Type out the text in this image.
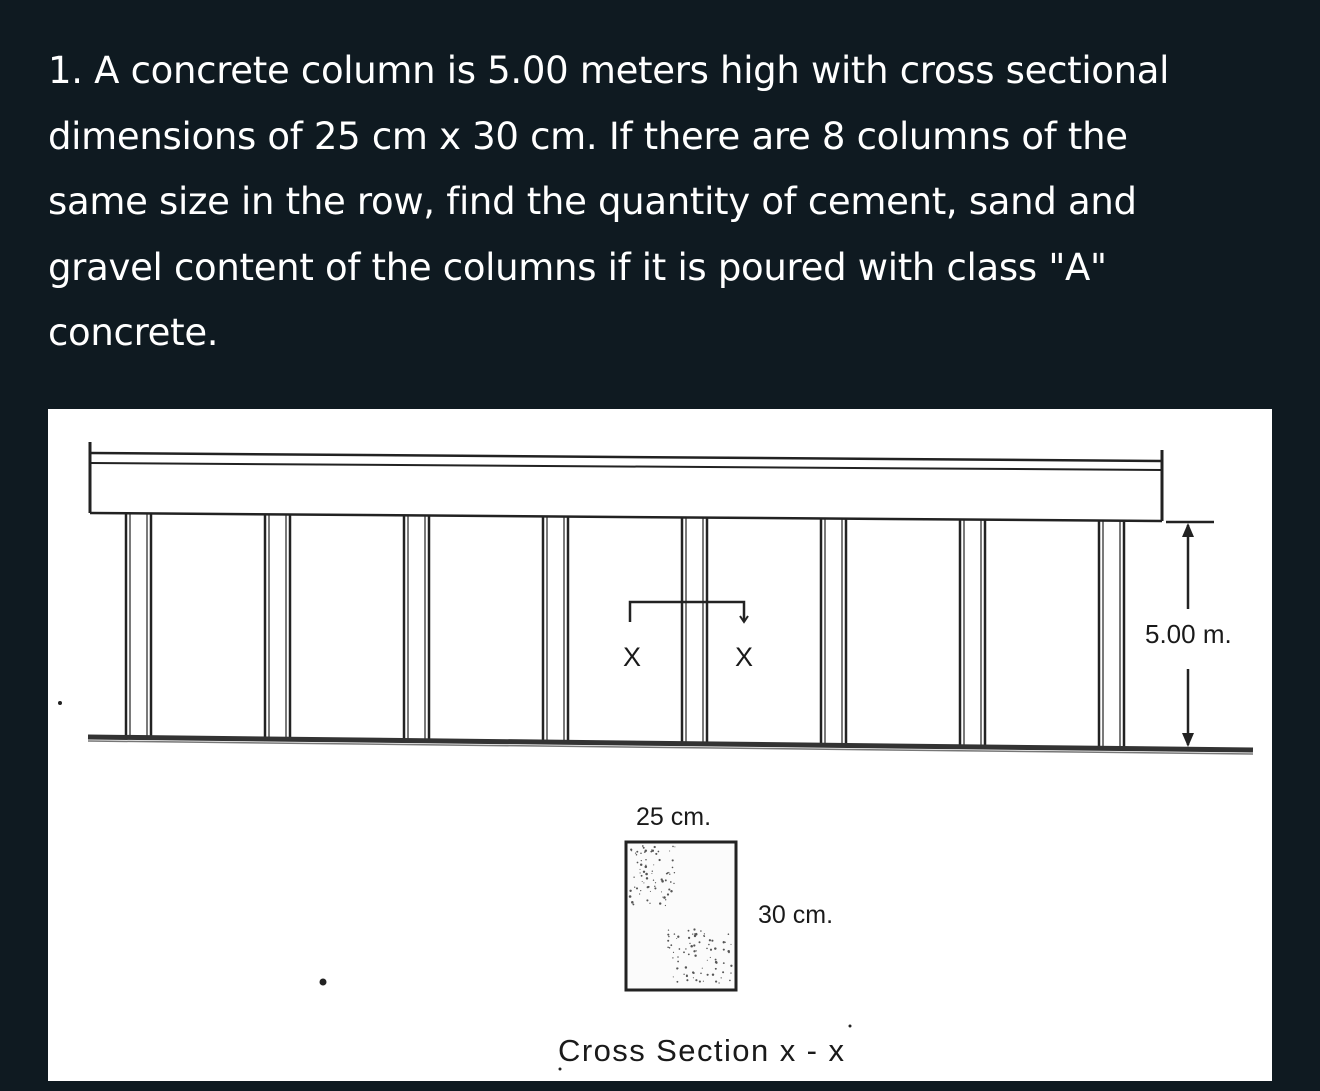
1. A concrete column is 5.00 meters high with cross sectional
dimensions of 25 cm x 30 cm. If there are 8 columns of the
same size in the row, find the quantity of cement, sand and
gravel content of the columns if it is poured with class "A"
concrete.
X	X
5.00 m.
25 cm.
30 cm.
Cross Section x - x
